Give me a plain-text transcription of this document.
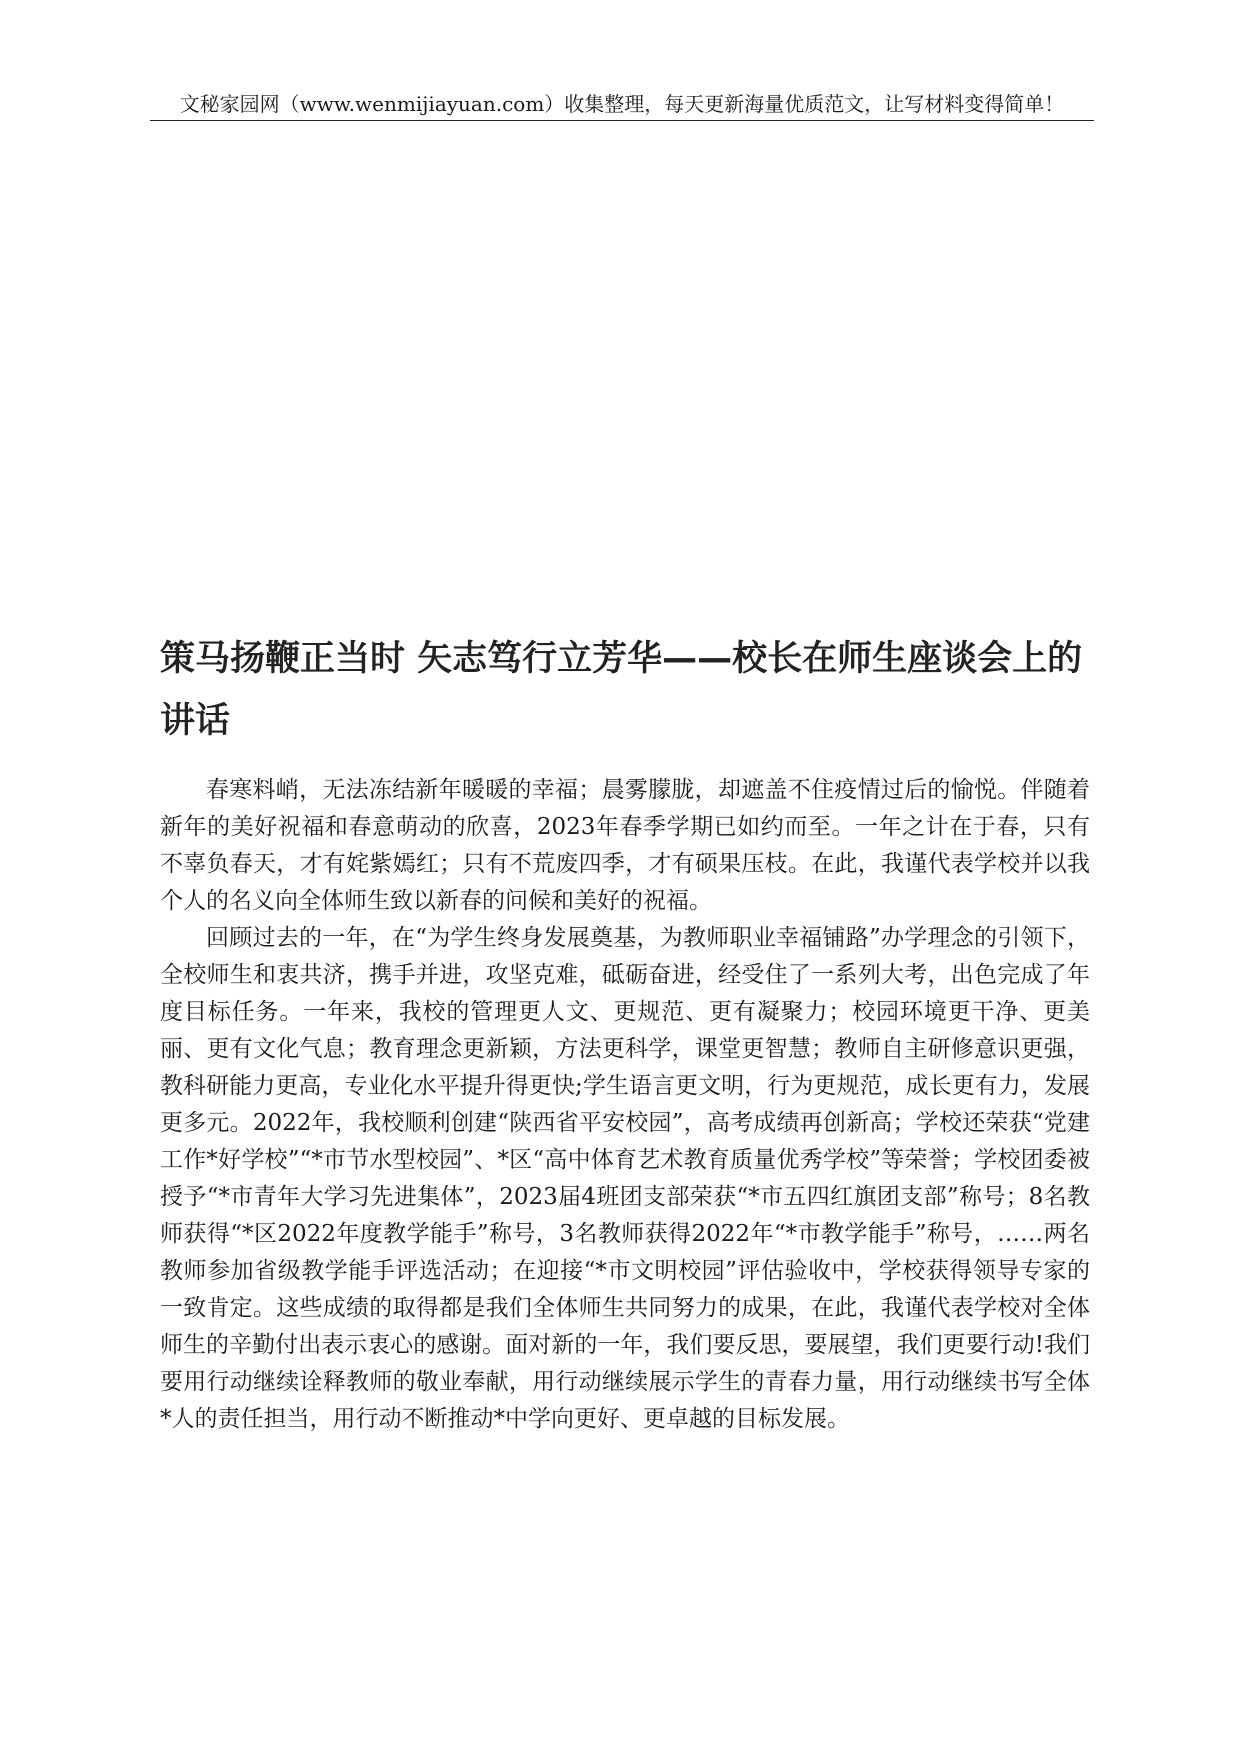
文秘家园网（www.wenmijiayuan.com）收集整理，每天更新海量优质范文，让写材料变得简单！
策马扬鞭正当时 矢志笃行立芳华——校长在师生座谈会上的讲话

春寒料峭，无法冻结新年暖暖的幸福；晨雾朦胧，却遮盖不住疫情过后的愉悦。伴随着新年的美好祝福和春意萌动的欣喜，2023年春季学期已如约而至。一年之计在于春，只有不辜负春天，才有姹紫嫣红；只有不荒废四季，才有硕果压枝。在此，我谨代表学校并以我个人的名义向全体师生致以新春的问候和美好的祝福。

回顾过去的一年，在“为学生终身发展奠基，为教师职业幸福铺路”办学理念的引领下，全校师生和衷共济，携手并进，攻坚克难，砥砺奋进，经受住了一系列大考，出色完成了年度目标任务。一年来，我校的管理更人文、更规范、更有凝聚力；校园环境更干净、更美丽、更有文化气息；教育理念更新颖，方法更科学，课堂更智慧；教师自主研修意识更强，教科研能力更高，专业化水平提升得更快;学生语言更文明，行为更规范，成长更有力，发展更多元。2022年，我校顺利创建“陕西省平安校园”，高考成绩再创新高；学校还荣获“党建工作*好学校”“*市节水型校园”、*区“高中体育艺术教育质量优秀学校”等荣誉；学校团委被授予“*市青年大学习先进集体”，2023届4班团支部荣获“*市五四红旗团支部”称号；8名教师获得“*区2022年度教学能手”称号，3名教师获得2022年“*市教学能手”称号，……两名教师参加省级教学能手评选活动；在迎接“*市文明校园”评估验收中，学校获得领导专家的一致肯定。这些成绩的取得都是我们全体师生共同努力的成果，在此，我谨代表学校对全体师生的辛勤付出表示衷心的感谢。面对新的一年，我们要反思，要展望，我们更要行动!我们要用行动继续诠释教师的敬业奉献，用行动继续展示学生的青春力量，用行动继续书写全体*人的责任担当，用行动不断推动*中学向更好、更卓越的目标发展。
